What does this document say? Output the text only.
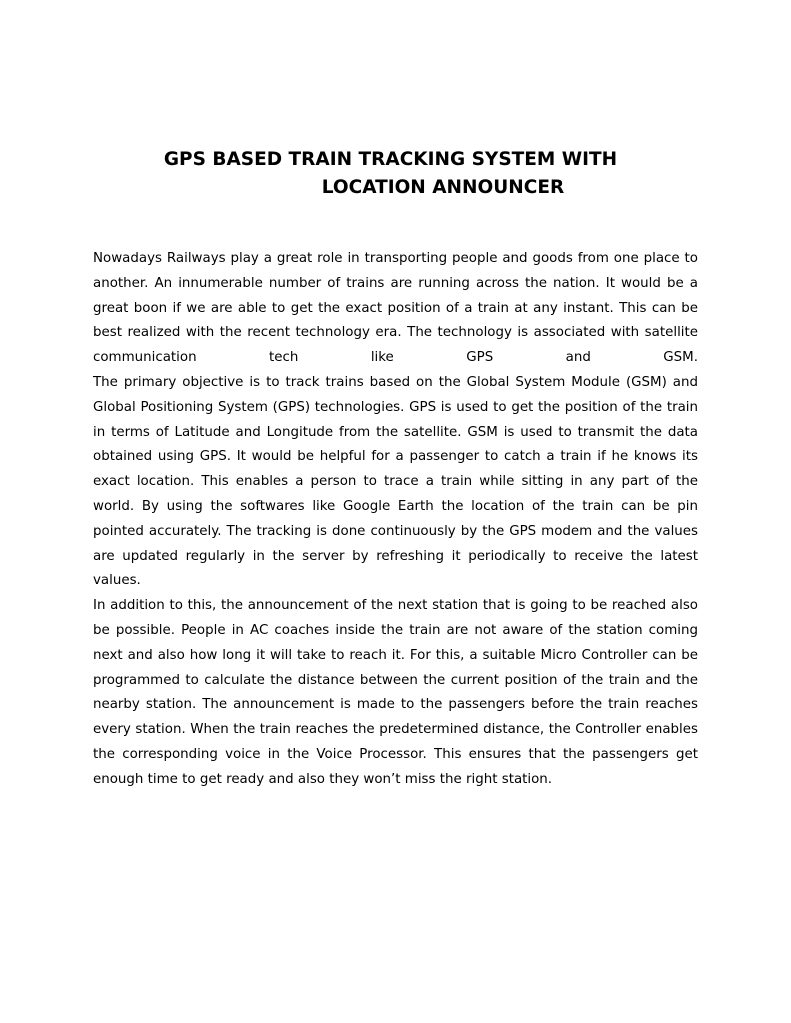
GPS BASED TRAIN TRACKING SYSTEM WITH
LOCATION ANNOUNCER

Nowadays Railways play a great role in transporting people and goods from one place to another. An innumerable number of trains are running across the nation. It would be a great boon if we are able to get the exact position of a train at any instant. This can be best realized with the recent technology era. The technology is associated with satellite communication tech like GPS and GSM.

The primary objective is to track trains based on the Global System Module (GSM) and Global Positioning System (GPS) technologies. GPS is used to get the position of the train in terms of Latitude and Longitude from the satellite. GSM is used to transmit the data obtained using GPS. It would be helpful for a passenger to catch a train if he knows its exact location. This enables a person to trace a train while sitting in any part of the world. By using the softwares like Google Earth the location of the train can be pin pointed accurately. The tracking is done continuously by the GPS modem and the values are updated regularly in the server by refreshing it periodically to receive the latest values.

In addition to this, the announcement of the next station that is going to be reached also be possible. People in AC coaches inside the train are not aware of the station coming next and also how long it will take to reach it. For this, a suitable Micro Controller can be programmed to calculate the distance between the current position of the train and the nearby station. The announcement is made to the passengers before the train reaches every station. When the train reaches the predetermined distance, the Controller enables the corresponding voice in the Voice Processor. This ensures that the passengers get enough time to get ready and also they won’t miss the right station.
